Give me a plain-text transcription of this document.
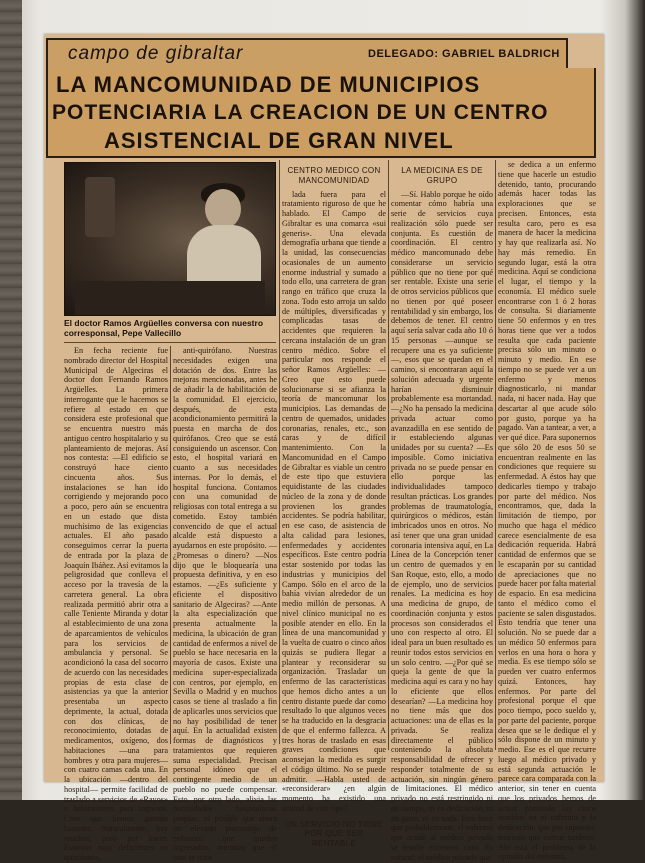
campo de gibraltar	DELEGADO: GABRIEL BALDRICH
LA MANCOMUNIDAD DE MUNICIPIOS
POTENCIARIA LA CREACION DE UN CENTRO
ASISTENCIAL DE GRAN NIVEL
El doctor Ramos Argüelles conversa con nuestro corresponsal, Pepe Vallecillo

En fecha reciente fue nombrado director del Hospital Municipal de Algeciras el doctor don Fernando Ramos Argüelles. La primera interrogante que le hacemos se refiere al estado en que considera este profesional que se encuentra nuestro más antiguo centro hospitalario y su planteamiento de mejoras. Así nos contesta: —El edificio se construyó hace ciento cincuenta años. Sus instalaciones se han ido corrigiendo y mejorando poco a poco, pero aún se encuentra en un estado que dista muchísimo de las exigencias actuales. El año pasado conseguimos cerrar la puerta de entrada por la plaza de Joaquín Ibáñez. Así evitamos la peligrosidad que conlleva el acceso por la travesía de la carretera general. La obra realizada permitió abrir otra a calle Teniente Miranda y dotar al establecimiento de una zona de aparcamientos de vehículos para los servicios de ambulancia y personal. Se acondicionó la casa del socorro de acuerdo con las necesidades propias de esta clase de asistencias ya que la anterior presentaba un aspecto deprimente, la actual, dotada con dos clínicas, de reconocimiento, dotadas de medicamentos, oxígeno, dos habitaciones —una para hombres y otra para mujeres— con cuatro camas cada una. En la ubicación —dentro del hospital— permite facilidad de traslado a servicios de «Rayos» o habitaciones para ingresos. Creo que hemos ganado bastante. Naturalmente, hay muchos, pero por hacer. Estamos muy deficientes en quirófanos,

anti-quirófano. Nuestras necesidades exigen una dotación de dos. Entre las mejoras mencionadas, antes he de añadir la de habilitación de la comunidad. El ejercicio, después, de esta acondicionamiento permitirá la puesta en marcha de dos quirófanos. Creo que se está consiguiendo un ascensor. Con esto, el hospital variará en cuanto a sus necesidades internas. Por lo demás, el hospital funciona. Contamos con una comunidad de religiosas con total entrega a su cometido. Estoy también convencido de que el actual alcalde está dispuesto a ayudarnos en este propósito. —¿Promesas o dinero? —Nos dijo que le bloquearía una propuesta definitiva, y en eso estamos. —¿Es suficiente y eficiente el dispositivo sanitario de Algeciras? —Ante la alta especialización que presenta actualmente la medicina, la ubicación de gran cantidad de enfermos a nivel de pueblo se hace necesaria en la mayoría de casos. Existe una medicina super-especializada con centros, por ejemplo, en Sevilla o Madrid y en muchos casos se tiene al traslado a fin de aplicarles unos servicios que no hay posibilidad de tener aquí. En la actualidad existen formas de diagnósticos y tratamientos que requieren suma especialidad. Precisan personal idóneo que el contingente medio de un pueblo no puede compensar. Esto, por otro lado, alivia las necesidades hospitalarias propias: es posible que ahora un elevado porcentaje de enfermos que queden ingresados, mientras que el otro se trata

CENTRO MEDICO CON MANCOMUNIDAD

lada fuera para el tratamiento riguroso de que he hablado. El Campo de Gibraltar es una comarca «sui generis». Una elevada demografía urbana que tiende a la unidad, las consecuencias ocasionales de un aumento enorme industrial y sumado a todo ello, una carretera de gran rango en tráfico que cruza la zona. Todo esto arroja un saldo de múltiples, diversificadas y complicadas tasas de accidentes que requieren la cercana instalación de un gran centro médico. Sobre el particular nos responde el señor Ramos Argüelles: —Creo que esto puede solucionarse si se afianza la teoría de mancomunar los municipios. Las demandas de centro de quemados, unidades coronarias, renales, etc., son caras y de difícil mantenimiento. Con la Mancomunidad en el Campo de Gibraltar es viable un centro de este tipo que estuviera equidistante de las ciudades núcleo de la zona y de donde provienen los grandes accidentes. Se podría habilitar, en ese caso, de asistencia de alta calidad para lesiones, enfermedades y accidentes específicos. Este centro podría estar sostenido por todas las industrias y municipios del Campo. Sólo en el arco de la bahía vivían alrededor de un medio millón de personas. A nivel clínico municipal no es posible atender en ello. En la línea de una mancomunidad y la vuelta de cuatro o cinco años quizás se pudiera llegar a plantear y reconsiderar su organización. Trasladar un enfermo de las características que hemos dicho antes a un centro distante puede dar como resultado lo que algunos veces se ha traducido en la desgracia de que el enfermo fallezca. A tres horas de traslado en esas graves condiciones que aconsejan la medida es surgir el código último. No se puede admitir. —Habla usted de «reconsiderar» ¿en algún momento ha existido una actitud de este tipo?

UN SERVICIO NO TIENE POR QUE SER RENTABLE
LA MEDICINA ES DE GRUPO

—Sí. Hablo porque he oído comentar cómo habría una serie de servicios cuya realización sólo puede ser conjunta. Es cuestión de coordinación. El centro médico mancomunado debe considerarse un servicio público que no tiene por qué ser rentable. Existe una serie de otros servicios públicos que no tienen por qué poseer rentabilidad y sin embargo, los debemos de tener. El centro aquí sería salvar cada año 10 ó 15 personas —aunque se recupere una es ya suficiente—, esos que se quedan en el camino, si encontraran aquí la solución adecuada y urgente harían disminuir probablemente esa mortandad. —¿No ha pensado la medicina privada actuar como avanzadilla en ese sentido de ir estableciendo algunas unidades por su cuenta? —Es imposible. Como iniciativa privada no se puede pensar en ello porque las individualidades tampoco resultan prácticas. Los grandes problemas de traumatología, quirúrgicos o médicos, están imbricados unos en otros. No así tener que una gran unidad coronaria intensiva aquí, en La Línea de la Concepción tener un centro de quemados y en San Roque, esto, ello, a modo de ejemplo, uno de servicios renales. La medicina es hoy una medicina de grupo, de coordinación conjunta y estos procesos son considerados el uno con respecto al otro. El ideal para un buen resultado es reunir todos estos servicios en un solo centro. —¿Por qué se queja la gente de que la medicina aquí es cara y no hay lo eficiente que ellos desearían? —La medicina hoy no tiene más que dos actuaciones: una de ellas es la privada. Se realiza directamente el público conteniendo la absoluta responsabilidad de ofrecer y responder totalmente de su actuación, sin ningún género de limitaciones. El médico privado no está restringido ni en tiempo, ni en dedicación, ni en gasto, ni en nada. Esto hace que probablemente, el enfermo que acude al médico privado se resulte excesivo, caro. Es natural: el médico privado que

se dedica a un enfermo tiene que hacerle un estudio detenido, tanto, procurando además hacer todas las exploraciones que se precisen. Entonces, esta resulta caro, pero es esa manera de hacer la medicina y hay que realizarla así. No hay más remedio. En segundo lugar, está la otra medicina. Aquí se condiciona el lugar, el tiempo y la economía. El médico suele encontrarse con 1 ó 2 horas de consulta. Si diariamente tiene 50 enfermos y en tres horas tiene que ver a todos resulta que cada paciente precisa sólo un minuto o minuto y medio. En ese tiempo no se puede ver a un enfermo y menos diagnosticarlo, ni mandar nada, ni hacer nada. Hay que descartar al que acude sólo por gusto, porque ya ha pagado. Van a tantear, a ver, a ver qué dice. Para suponernos que sólo 20 de esos 50 se encuentran realmente en las condiciones que requiere su enfermedad. A éstos hay que dedicarles tiempo y trabajo por parte del médico. Nos encontramos, que, dada la limitación de tiempo, por mucho que haga el médico carece esencialmente de esa dedicación requerida. Habrá cantidad de enfermos que se le escaparán por su cantidad de apreciaciones que no puede hacer por falta material de espacio. En esa medicina tanto el médico como el paciente se salen disgustados. Esto tendría que tener una solución. No se puede dar a un médico 50 enfermos para verlos en una hora o hora y media. Es ese tiempo sólo se pueden ver cuatro enfermos quizá. Entonces, hay enfermos. Por parte del profesional porque el que poco tiempo, poco sueldo y, por parte del paciente, porque desea que se le dedique el y sólo dispone de un minuto y medio. Ese es el que recurre luego al médico privado y está segunda actuación le parece cara comparada con la anterior, sin tener en cuenta que los privados hemos de actuar poniendo los cinco sentidos en el enfermo y la dedicación, que por supuesto, tenemos que cobrar también. Ahí está el problema de la opinión del enfermo.
